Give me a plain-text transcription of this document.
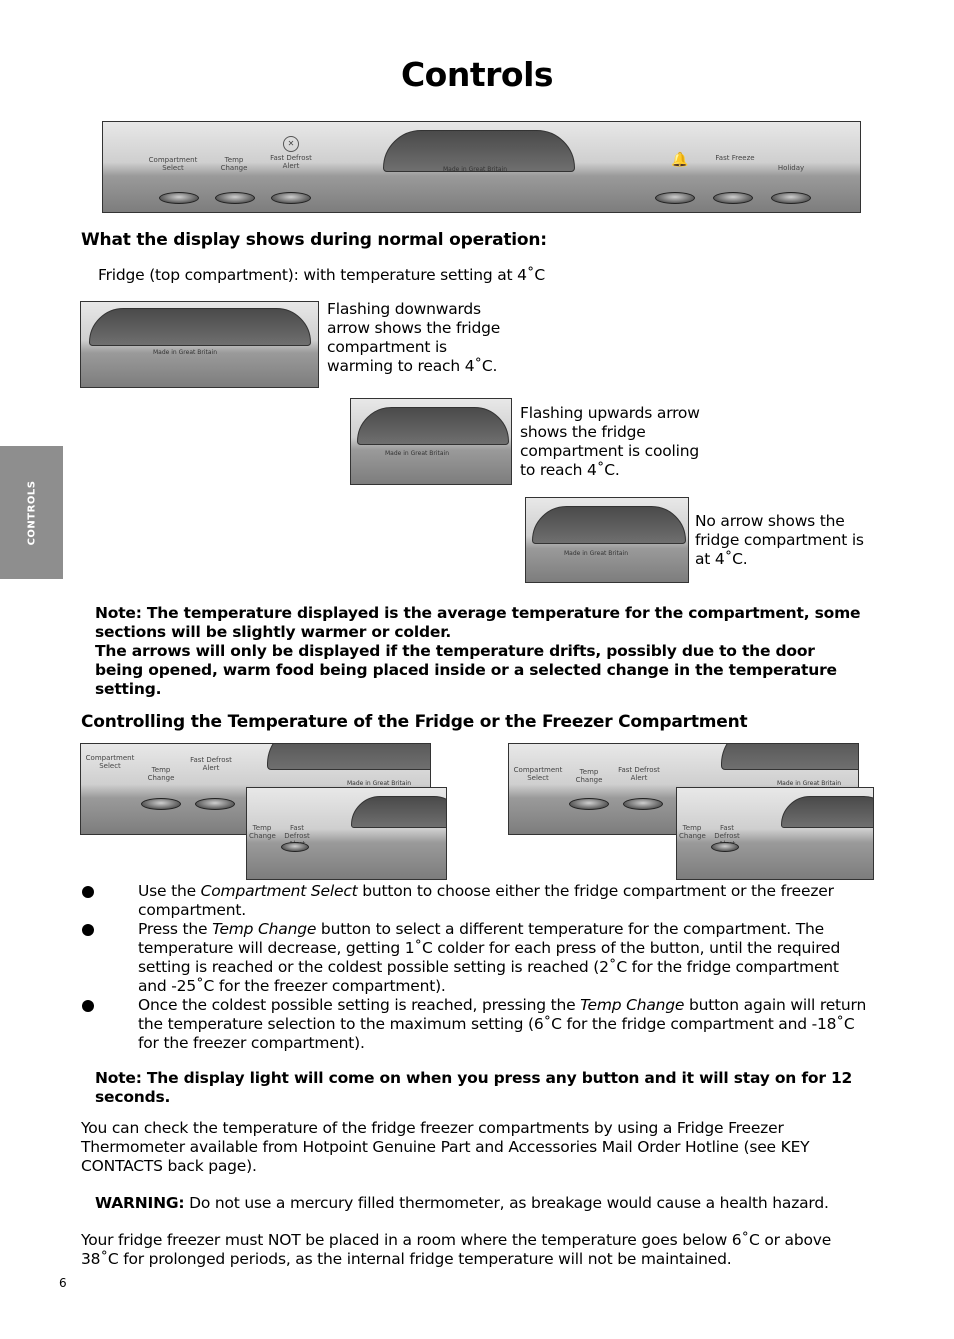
Controls
CONTROLS
Compartment Select
Temp Change
✕
Fast Defrost Alert	Made in Great Britain
🔔	Fast Freeze
Holiday
What the display shows during normal operation:
Fridge (top compartment): with temperature setting at 4˚C
Made in Great Britain
Flashing downwards arrow shows the fridge compartment is warming to reach 4˚C.
Made in Great Britain
Flashing upwards arrow shows the fridge compartment is cooling to reach 4˚C.
Made in Great Britain
No arrow shows the fridge compartment is at 4˚C.
Note: The temperature displayed is the average temperature for the compartment, some sections will be slightly warmer or colder.
The arrows will only be displayed if the temperature drifts, possibly due to the door being opened, warm food being placed inside or a selected change in the temperature setting.
Controlling the Temperature of the Fridge or the Freezer Compartment
Compartment Select	Temp Change
Fast Defrost Alert
Made in Great Britain
Temp Change
Fast Defrost
Compartment Select
Temp Change
Fast Defrost Alert
Made in Great Britain
Temp Change
Fast Defrost
Use the Compartment Select button to choose either the fridge compartment or the freezer compartment.
Press the Temp Change button to select a different temperature for the compartment. The temperature will decrease, getting 1˚C colder for each press of the button, until the required setting is reached or the coldest possible setting is reached (2˚C for the fridge compartment and -25˚C for the freezer compartment).
Once the coldest possible setting is reached, pressing the Temp Change button again will return the temperature selection to the maximum setting (6˚C for the fridge compartment and -18˚C for the freezer compartment).
Note: The display light will come on when you press any button and it will stay on for 12 seconds.
You can check the temperature of the fridge freezer compartments by using a Fridge Freezer Thermometer available from Hotpoint Genuine Part and Accessories Mail Order Hotline (see KEY CONTACTS back page).
WARNING: Do not use a mercury filled thermometer, as breakage would cause a health hazard.
Your fridge freezer must NOT be placed in a room where the temperature goes below 6˚C or above 38˚C for prolonged periods, as the internal fridge temperature will not be maintained.
6
